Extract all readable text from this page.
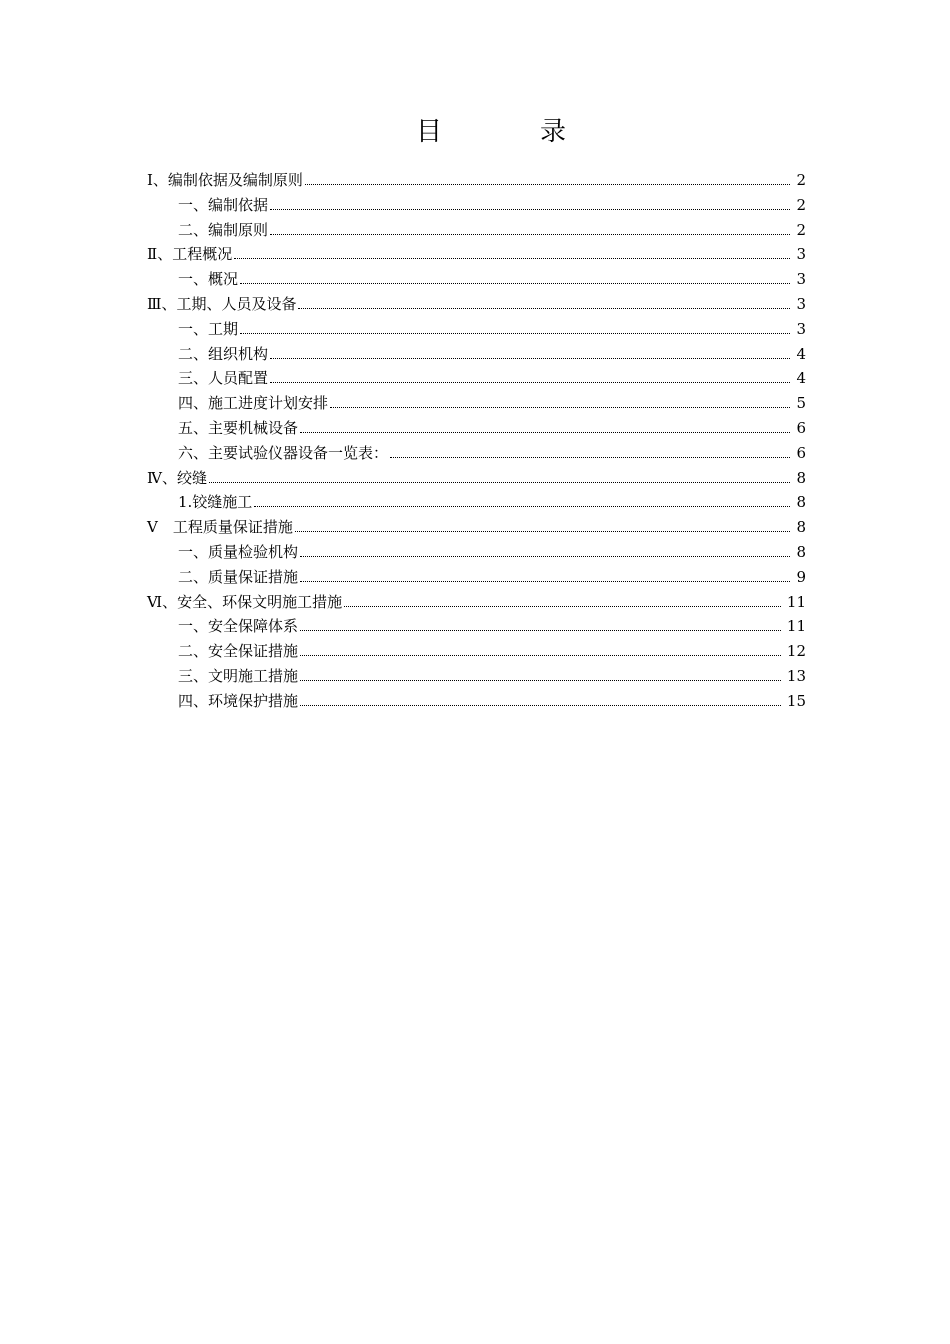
目　录
Ⅰ、编制依据及编制原则	2
一、编制依据	2
二、编制原则	2
Ⅱ、工程概况	3
一、概况	3
Ⅲ、工期、人员及设备	3
一、工期	3
二、组织机构	4
三、人员配置	4
四、施工进度计划安排	5
五、主要机械设备	6
六、主要试验仪器设备一览表：	6
Ⅳ、绞缝	8
1.铰缝施工	8
Ⅴ　工程质量保证措施	8
一、质量检验机构	8
二、质量保证措施	9
Ⅵ、安全、环保文明施工措施	11
一、安全保障体系	11
二、安全保证措施	12
三、文明施工措施	13
四、环境保护措施	15
